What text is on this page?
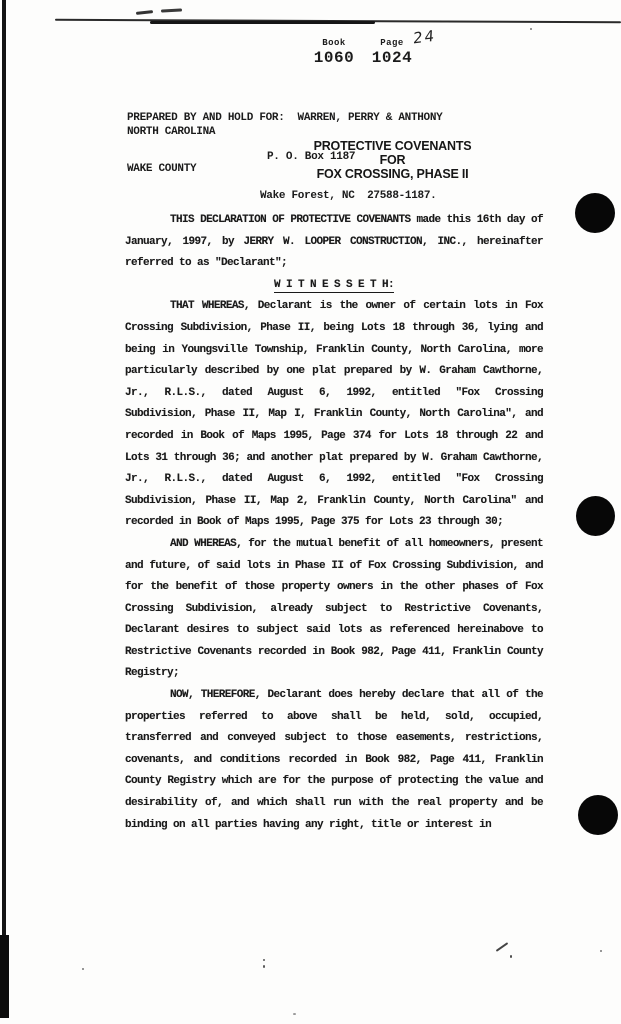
Book
1060
Page
1024
24

PREPARED BY AND HOLD FOR: WARREN, PERRY & ANTHONY

P. O. Box 1187

Wake Forest, NC  27588-1187.

NORTH CAROLINA
PROTECTIVE COVENANTS FOR
FOX CROSSING, PHASE II
WAKE COUNTY

THIS DECLARATION OF PROTECTIVE COVENANTS made this 16th day of January, 1997, by JERRY W. LOOPER CONSTRUCTION, INC., hereinafter referred to as "Declarant";

W I T N E S S E T H:

THAT WHEREAS, Declarant is the owner of certain lots in Fox Crossing Subdivision, Phase II, being Lots 18 through 36, lying and being in Youngsville Township, Franklin County, North Carolina, more particularly described by one plat prepared by W. Graham Cawthorne, Jr., R.L.S., dated August 6, 1992, entitled "Fox Crossing Subdivision, Phase II, Map I, Franklin County, North Carolina", and recorded in Book of Maps 1995, Page 374 for Lots 18 through 22 and Lots 31 through 36; and another plat prepared by W. Graham Cawthorne, Jr., R.L.S., dated August 6, 1992, entitled "Fox Crossing Subdivision, Phase II, Map 2, Franklin County, North Carolina" and recorded in Book of Maps 1995, Page 375 for Lots 23 through 30;

AND WHEREAS, for the mutual benefit of all homeowners, present and future, of said lots in Phase II of Fox Crossing Subdivision, and for the benefit of those property owners in the other phases of Fox Crossing Subdivision, already subject to Restrictive Covenants, Declarant desires to subject said lots as referenced hereinabove to Restrictive Covenants recorded in Book 982, Page 411, Franklin County Registry;

NOW, THEREFORE, Declarant does hereby declare that all of the properties referred to above shall be held, sold, occupied, transferred and conveyed subject to those easements, restrictions, covenants, and conditions recorded in Book 982, Page 411, Franklin County Registry which are for the purpose of protecting the value and desirability of, and which shall run with the real property and be binding on all parties having any right, title or interest in
